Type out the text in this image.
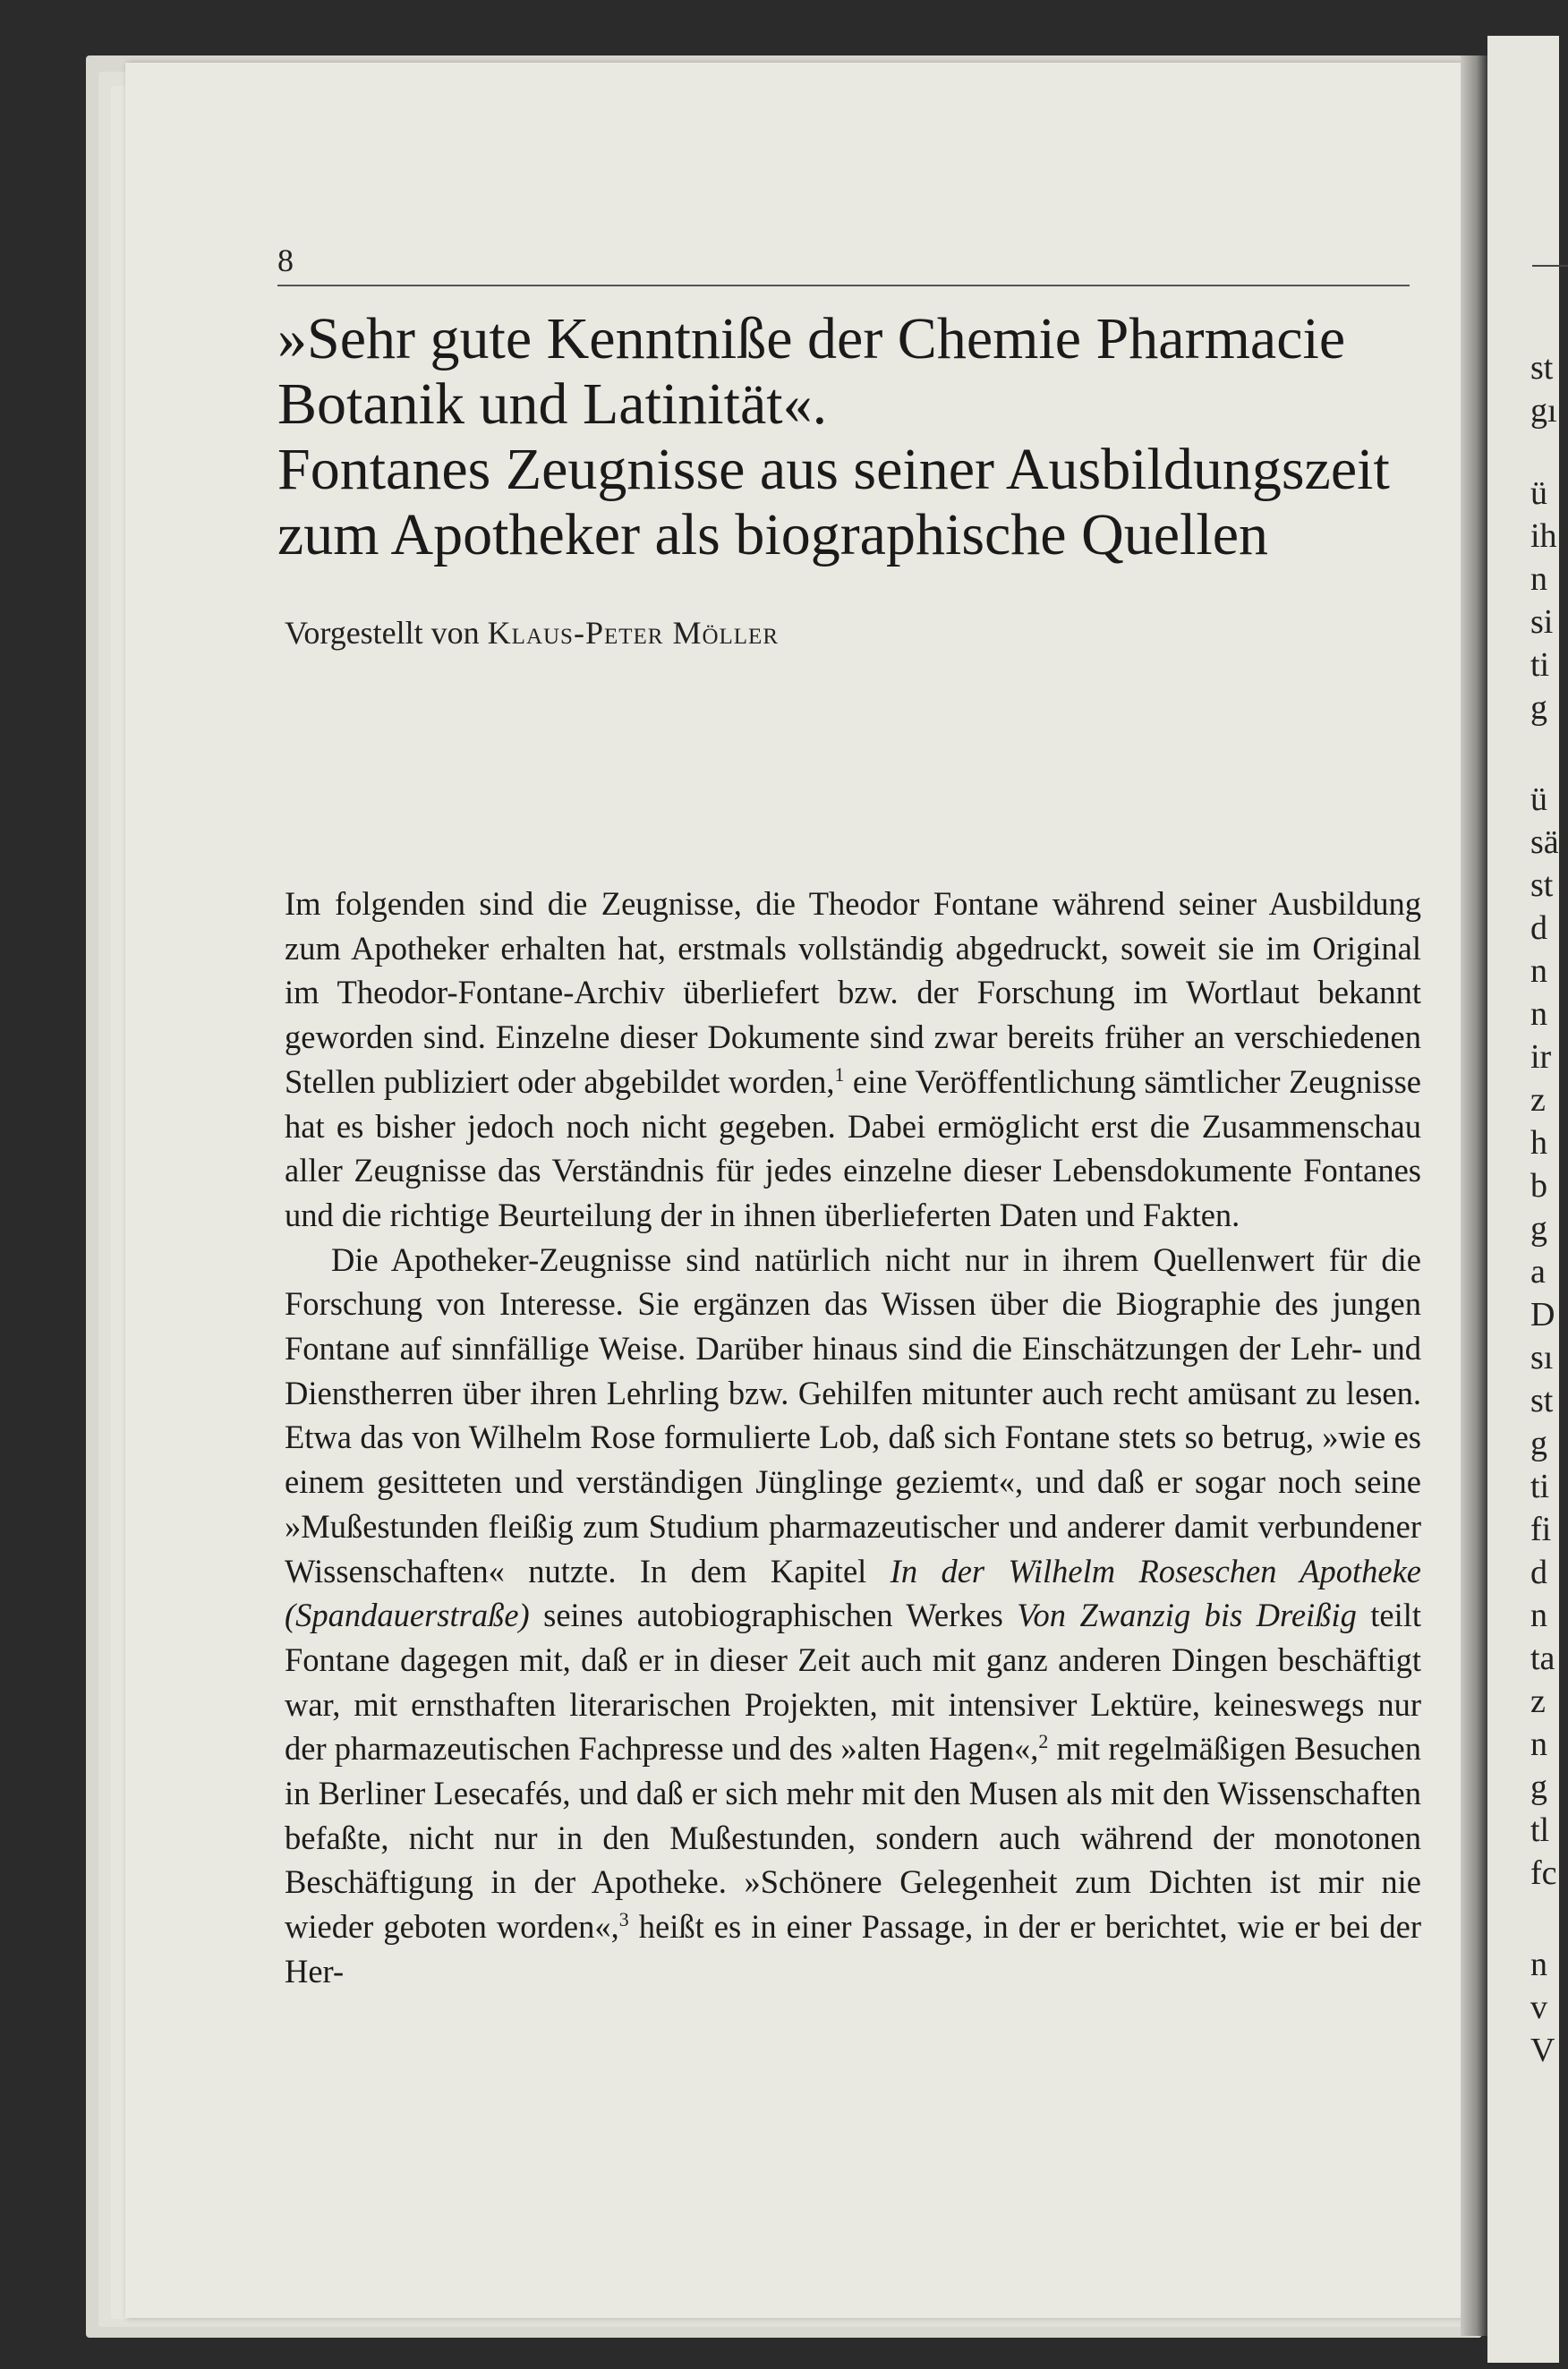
st
gı
ü
ih
n
si
ti
g
ü
sä
st
d
n
n
ir
z
h
b
g
a
D
sı
st
g
ti
fi
d
n
ta
z
n
g
tl
fc
n
v
V
8
»Sehr gute Kenntniße der Chemie Pharmacie
Botanik und Latinität«.
Fontanes Zeugnisse aus seiner Ausbildungszeit
zum Apotheker als biographische Quellen
Vorgestellt von Klaus-Peter Möller

Im folgenden sind die Zeugnisse, die Theodor Fontane während seiner Ausbildung zum Apotheker erhalten hat, erstmals vollständig abgedruckt, soweit sie im Original im Theodor-Fontane-Archiv überliefert bzw. der Forschung im Wortlaut bekannt geworden sind. Einzelne dieser Dokumente sind zwar bereits früher an verschiedenen Stellen publiziert oder abgebildet worden,$^1$ eine Veröffentlichung sämtlicher Zeugnisse hat es bisher jedoch noch nicht gegeben. Dabei ermöglicht erst die Zusammenschau aller Zeugnisse das Verständnis für jedes einzelne dieser Lebensdokumente Fontanes und die richtige Beurteilung der in ihnen überlieferten Daten und Fakten.

Die Apotheker-Zeugnisse sind natürlich nicht nur in ihrem Quellenwert für die Forschung von Interesse. Sie ergänzen das Wissen über die Biographie des jungen Fontane auf sinnfällige Weise. Darüber hinaus sind die Einschätzungen der Lehr- und Dienstherren über ihren Lehrling bzw. Gehilfen mitunter auch recht amüsant zu lesen. Etwa das von Wilhelm Rose formulierte Lob, daß sich Fontane stets so betrug, »wie es einem gesitteten und verständigen Jünglinge geziemt«, und daß er sogar noch seine »Mußestunden fleißig zum Studium pharmazeutischer und anderer damit verbundener Wissenschaften« nutzte. In dem Kapitel In der Wilhelm Roseschen Apotheke (Spandauerstraße) seines autobiographischen Werkes Von Zwanzig bis Dreißig teilt Fontane dagegen mit, daß er in dieser Zeit auch mit ganz anderen Dingen beschäftigt war, mit ernsthaften literarischen Projekten, mit intensiver Lektüre, keineswegs nur der pharmazeutischen Fachpresse und des »alten Hagen«,$^2$ mit regelmäßigen Besuchen in Berliner Lesecafés, und daß er sich mehr mit den Musen als mit den Wissenschaften befaßte, nicht nur in den Mußestunden, sondern auch während der monotonen Beschäftigung in der Apotheke. »Schönere Gelegenheit zum Dichten ist mir nie wieder geboten worden«,$^3$ heißt es in einer Passage, in der er berichtet, wie er bei der Her-
